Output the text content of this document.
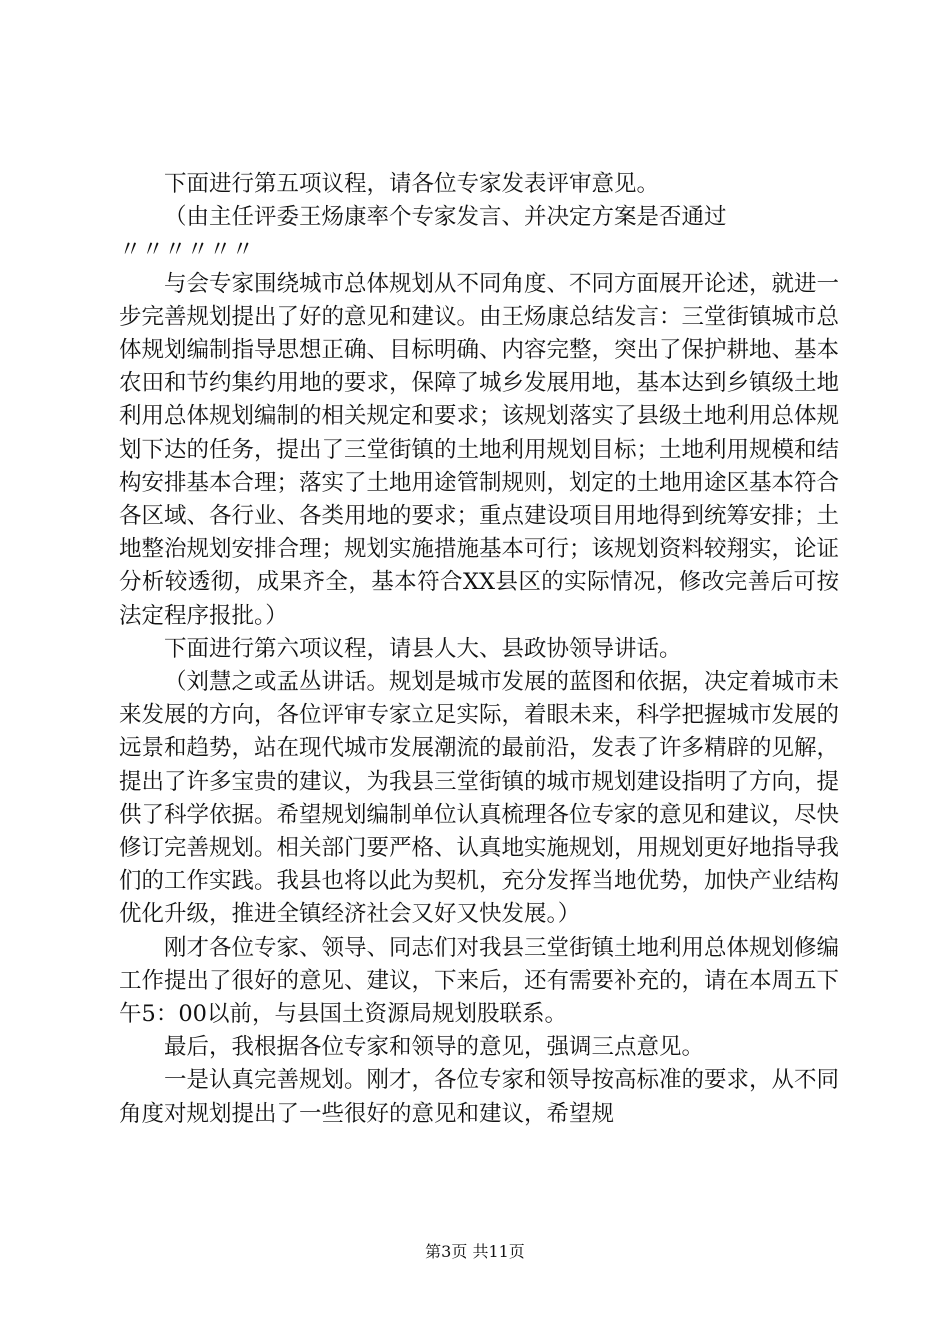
下面进行第五项议程，请各位专家发表评审意见。

（由主任评委王炀康率个专家发言、并决定方案是否通过

〃〃〃〃〃〃

与会专家围绕城市总体规划从不同角度、不同方面展开论述，就进一步完善规划提出了好的意见和建议。由王炀康总结发言：三堂街镇城市总体规划编制指导思想正确、目标明确、内容完整，突出了保护耕地、基本农田和节约集约用地的要求，保障了城乡发展用地，基本达到乡镇级土地利用总体规划编制的相关规定和要求；该规划落实了县级土地利用总体规划下达的任务，提出了三堂街镇的土地利用规划目标；土地利用规模和结构安排基本合理；落实了土地用途管制规则，划定的土地用途区基本符合各区域、各行业、各类用地的要求；重点建设项目用地得到统筹安排；土地整治规划安排合理；规划实施措施基本可行；该规划资料较翔实，论证分析较透彻，成果齐全，基本符合XX县区的实际情况，修改完善后可按法定程序报批。）

下面进行第六项议程，请县人大、县政协领导讲话。

（刘慧之或孟丛讲话。规划是城市发展的蓝图和依据，决定着城市未来发展的方向，各位评审专家立足实际，着眼未来，科学把握城市发展的远景和趋势，站在现代城市发展潮流的最前沿，发表了许多精辟的见解，提出了许多宝贵的建议，为我县三堂街镇的城市规划建设指明了方向，提供了科学依据。希望规划编制单位认真梳理各位专家的意见和建议，尽快修订完善规划。相关部门要严格、认真地实施规划，用规划更好地指导我们的工作实践。我县也将以此为契机，充分发挥当地优势，加快产业结构优化升级，推进全镇经济社会又好又快发展。）

刚才各位专家、领导、同志们对我县三堂街镇土地利用总体规划修编工作提出了很好的意见、建议，下来后，还有需要补充的，请在本周五下午5：00以前，与县国土资源局规划股联系。

最后，我根据各位专家和领导的意见，强调三点意见。

一是认真完善规划。刚才，各位专家和领导按高标准的要求，从不同角度对规划提出了一些很好的意见和建议，希望规

第3页 共11页
